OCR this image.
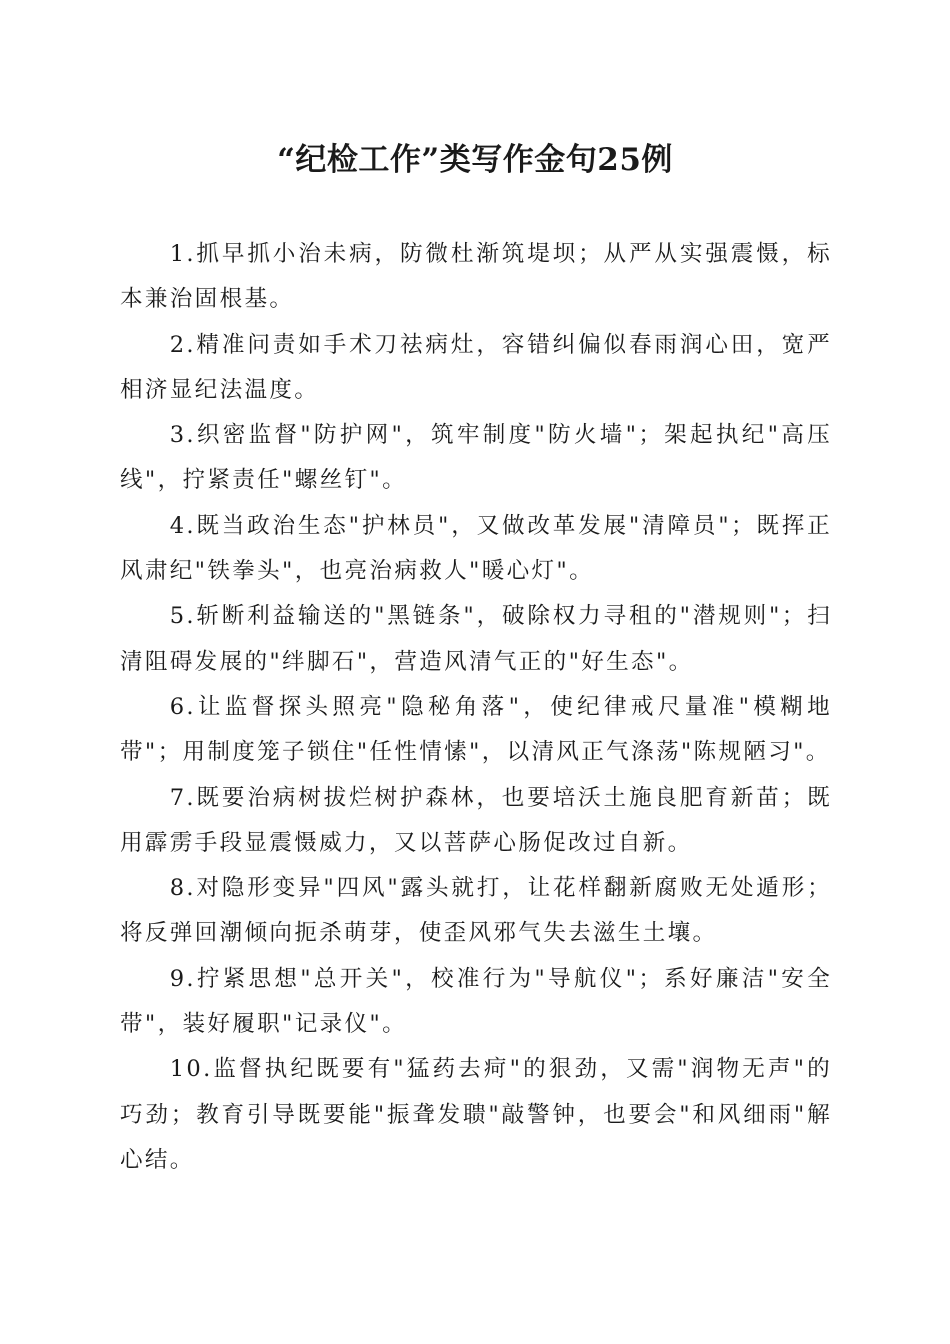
“纪检工作”类写作金句25例

1.抓早抓小治未病，防微杜渐筑堤坝；从严从实强震慑，标本兼治固根基。

2.精准问责如手术刀祛病灶，容错纠偏似春雨润心田，宽严相济显纪法温度。

3.织密监督"防护网"，筑牢制度"防火墙"；架起执纪"高压线"，拧紧责任"螺丝钉"。

4.既当政治生态"护林员"，又做改革发展"清障员"；既挥正风肃纪"铁拳头"，也亮治病救人"暖心灯"。

5.斩断利益输送的"黑链条"，破除权力寻租的"潜规则"；扫清阻碍发展的"绊脚石"，营造风清气正的"好生态"。

6.让监督探头照亮"隐秘角落"，使纪律戒尺量准"模糊地带"；用制度笼子锁住"任性情愫"，以清风正气涤荡"陈规陋习"。

7.既要治病树拔烂树护森林，也要培沃土施良肥育新苗；既用霹雳手段显震慑威力，又以菩萨心肠促改过自新。

8.对隐形变异"四风"露头就打，让花样翻新腐败无处遁形；将反弹回潮倾向扼杀萌芽，使歪风邪气失去滋生土壤。

9.拧紧思想"总开关"，校准行为"导航仪"；系好廉洁"安全带"，装好履职"记录仪"。

10.监督执纪既要有"猛药去疴"的狠劲，又需"润物无声"的巧劲；教育引导既要能"振聋发聩"敲警钟，也要会"和风细雨"解心结。
